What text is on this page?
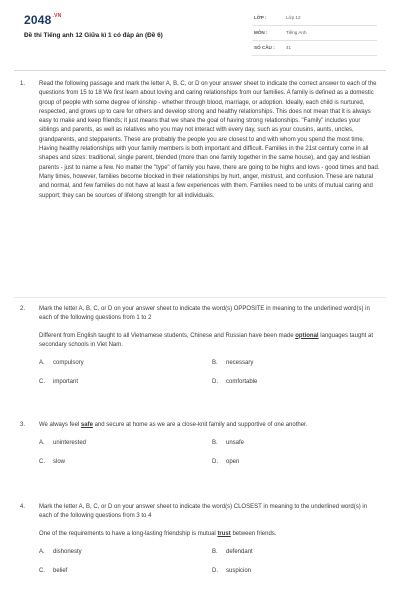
$2048^{.VN}$
Đề thi Tiếng anh 12 Giữa kì 1 có đáp án (Đề 6)
LỚP :	Lớp 12
MÔN :	Tiếng Anh
SỐ CÂU : 41
1. Read the following passage and mark the letter A, B, C, or D on your answer sheet to indicate the correct answer to each of the questions from 15 to 18 We first learn about loving and caring relationships from our families. A family is defined as a domestic group of people with some degree of kinship - whether through blood, marriage, or adoption. Ideally, each child is nurtured, respected, and grows up to care for others and develop strong and healthy relationships. This does not mean that it is always easy to make and keep friends; it just means that we share the goal of having strong relationships. "Family" includes your siblings and parents, as well as relatives who you may not interact with every day, such as your cousins, aunts, uncles, grandparents, and stepparents. These are probably the people you are closest to and with whom you spend the most time. Having healthy relationships with your family members is both important and difficult. Families in the 21st century come in all shapes and sizes: traditional, single parent, blended (more than one family together in the same house), and gay and lesbian parents - just to name a few. No matter the "type" of family you have, there are going to be highs and lows - good times and bad. Many times, however, families become blocked in their relationships by hurt, anger, mistrust, and confusion. These are natural and normal, and few families do not have at least a few experiences with them. Families need to be units of mutual caring and support; they can be sources of lifelong strength for all individuals.

2. Mark the letter A, B, C, or D on your answer sheet to indicate the word(s) OPPOSITE in meaning to the underlined word(s) in each of the following questions from 1 to 2

Different from English taught to all Vietnamese students, Chinese and Russian have been made optional languages taught at secondary schools in Viet Nam.

A. compulsory	B. necessary
C. important	D. comfortable
3. We always feel safe and secure at home as we are a close-knit family and supportive of one another.

A. uninterested	B. unsafe
C. slow	D. open
4. Mark the letter A, B, C, or D on your answer sheet to indicate the word(s) CLOSEST in meaning to the underlined word(s) in each of the following questions from 3 to 4

One of the requirements to have a long-lasting friendship is mutual trust between friends.

A. dishonesty	B. defendant
C. belief	D. suspicion
